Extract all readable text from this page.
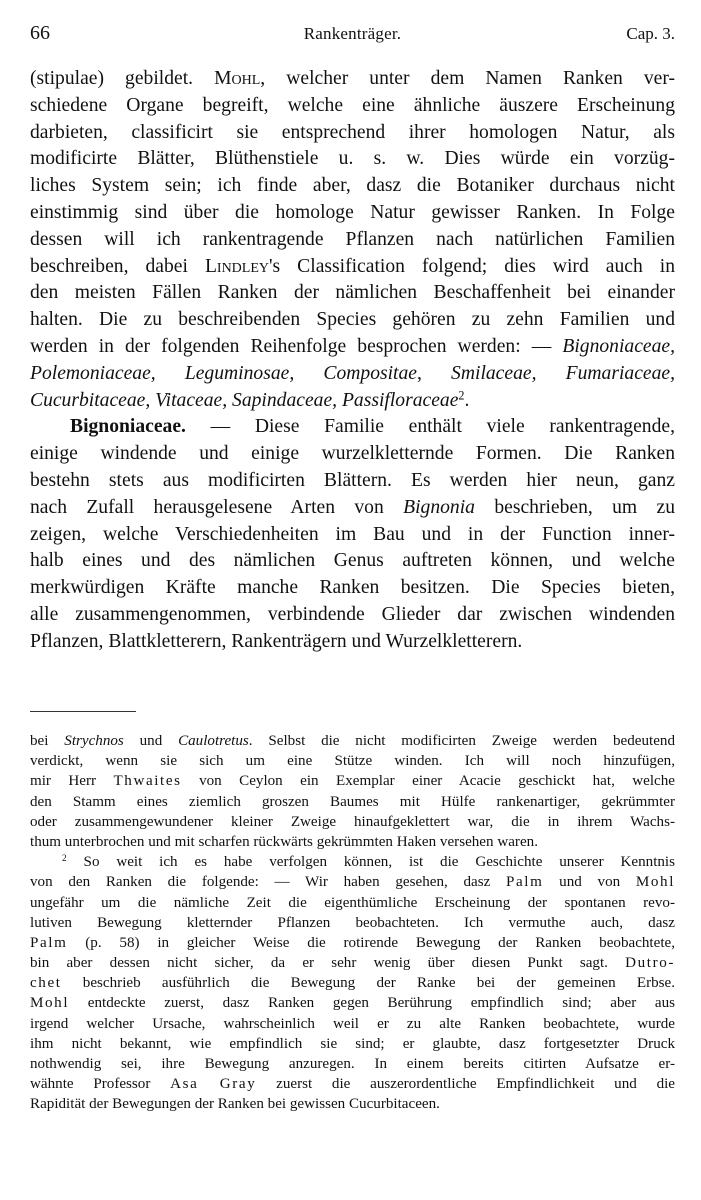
66	Rankenträger.	Cap. 3.
(stipulae) gebildet. Mohl, welcher unter dem Namen Ranken ver-
schiedene Organe begreift, welche eine ähnliche äuszere Erscheinung
darbieten, classificirt sie entsprechend ihrer homologen Natur, als
modificirte Blätter, Blüthenstiele u. s. w. Dies würde ein vorzüg-
liches System sein; ich finde aber, dasz die Botaniker durchaus nicht
einstimmig sind über die homologe Natur gewisser Ranken. In Folge
dessen will ich rankentragende Pflanzen nach natürlichen Familien
beschreiben, dabei Lindley's Classification folgend; dies wird auch in
den meisten Fällen Ranken der nämlichen Beschaffenheit bei einander
halten. Die zu beschreibenden Species gehören zu zehn Familien und
werden in der folgenden Reihenfolge besprochen werden: — Bignoniaceae,
Polemoniaceae, Leguminosae, Compositae, Smilaceae, Fumariaceae,
Cucurbitaceae, Vitaceae, Sapindaceae, Passifloraceae$^2$.
Bignoniaceae. — Diese Familie enthält viele rankentragende,
einige windende und einige wurzelkletternde Formen. Die Ranken
bestehn stets aus modificirten Blättern. Es werden hier neun, ganz
nach Zufall herausgelesene Arten von Bignonia beschrieben, um zu
zeigen, welche Verschiedenheiten im Bau und in der Function inner-
halb eines und des nämlichen Genus auftreten können, und welche
merkwürdigen Kräfte manche Ranken besitzen. Die Species bieten,
alle zusammengenommen, verbindende Glieder dar zwischen windenden
Pflanzen, Blattkletterern, Rankenträgern und Wurzelkletterern.
bei Strychnos und Caulotretus. Selbst die nicht modificirten Zweige werden bedeutend
verdickt, wenn sie sich um eine Stütze winden. Ich will noch hinzufügen,
mir Herr Thwaites von Ceylon ein Exemplar einer Acacie geschickt hat, welche
den Stamm eines ziemlich groszen Baumes mit Hülfe rankenartiger, gekrümmter
oder zusammengewundener kleiner Zweige hinaufgeklettert war, die in ihrem Wachs-
thum unterbrochen und mit scharfen rückwärts gekrümmten Haken versehen waren.
$^2$ So weit ich es habe verfolgen können, ist die Geschichte unserer Kenntnis
von den Ranken die folgende: — Wir haben gesehen, dasz Palm und von Mohl
ungefähr um die nämliche Zeit die eigenthümliche Erscheinung der spontanen revo-
lutiven Bewegung kletternder Pflanzen beobachteten. Ich vermuthe auch, dasz
Palm (p. 58) in gleicher Weise die rotirende Bewegung der Ranken beobachtete,
bin aber dessen nicht sicher, da er sehr wenig über diesen Punkt sagt. Dutro-
chet beschrieb ausführlich die Bewegung der Ranke bei der gemeinen Erbse.
Mohl entdeckte zuerst, dasz Ranken gegen Berührung empfindlich sind; aber aus
irgend welcher Ursache, wahrscheinlich weil er zu alte Ranken beobachtete, wurde
ihm nicht bekannt, wie empfindlich sie sind; er glaubte, dasz fortgesetzter Druck
nothwendig sei, ihre Bewegung anzuregen. In einem bereits citirten Aufsatze er-
wähnte Professor Asa Gray zuerst die auszerordentliche Empfindlichkeit und die
Rapidität der Bewegungen der Ranken bei gewissen Cucurbitaceen.
